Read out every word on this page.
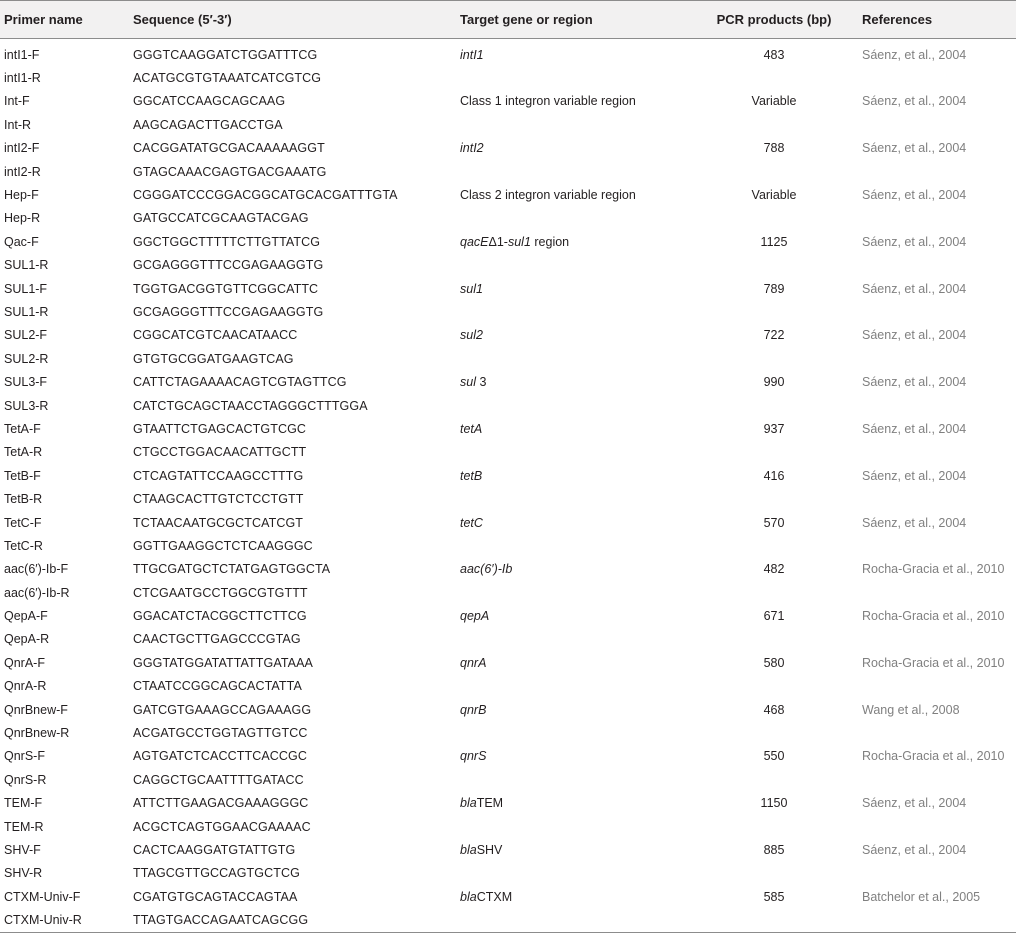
Primer name	Sequence (5′-3′)	Target gene or region	PCR products (bp)	References
intI1-F	GGGTCAAGGATCTGGATTTCG	intI1	483	Sáenz, et al., 2004
intI1-R	ACATGCGTGTAAATCATCGTCG			
Int-F	GGCATCCAAGCAGCAAG	Class 1 integron variable region	Variable	Sáenz, et al., 2004
Int-R	AAGCAGACTTGACCTGA			
intI2-F	CACGGATATGCGACAAAAAGGT	intI2	788	Sáenz, et al., 2004
intI2-R	GTAGCAAACGAGTGACGAAATG			
Hep-F	CGGGATCCCGGACGGCATGCACGATTTGTA	Class 2 integron variable region	Variable	Sáenz, et al., 2004
Hep-R	GATGCCATCGCAAGTACGAG			
Qac-F	GGCTGGCTTTTTCTTGTTATCG	qacEΔ1-sul1 region	1125	Sáenz, et al., 2004
SUL1-R	GCGAGGGTTTCCGAGAAGGTG			
SUL1-F	TGGTGACGGTGTTCGGCATTC	sul1	789	Sáenz, et al., 2004
SUL1-R	GCGAGGGTTTCCGAGAAGGTG			
SUL2-F	CGGCATCGTCAACATAACC	sul2	722	Sáenz, et al., 2004
SUL2-R	GTGTGCGGATGAAGTCAG			
SUL3-F	CATTCTAGAAAACAGTCGTAGTTCG	sul 3	990	Sáenz, et al., 2004
SUL3-R	CATCTGCAGCTAACCTAGGGCTTTGGA			
TetA-F	GTAATTCTGAGCACTGTCGC	tetA	937	Sáenz, et al., 2004
TetA-R	CTGCCTGGACAACATTGCTT			
TetB-F	CTCAGTATTCCAAGCCTTTG	tetB	416	Sáenz, et al., 2004
TetB-R	CTAAGCACTTGTCTCCTGTT			
TetC-F	TCTAACAATGCGCTCATCGT	tetC	570	Sáenz, et al., 2004
TetC-R	GGTTGAAGGCTCTCAAGGGC			
aac(6′)-Ib-F	TTGCGATGCTCTATGAGTGGCTA	aac(6′)-Ib	482	Rocha-Gracia et al., 2010
aac(6′)-Ib-R	CTCGAATGCCTGGCGTGTTT			
QepA-F	GGACATCTACGGCTTCTTCG	qepA	671	Rocha-Gracia et al., 2010
QepA-R	CAACTGCTTGAGCCCGTAG			
QnrA-F	GGGTATGGATATTATTGATAAA	qnrA	580	Rocha-Gracia et al., 2010
QnrA-R	CTAATCCGGCAGCACTATTA			
QnrBnew-F	GATCGTGAAAGCCAGAAAGG	qnrB	468	Wang et al., 2008
QnrBnew-R	ACGATGCCTGGTAGTTGTCC			
QnrS-F	AGTGATCTCACCTTCACCGC	qnrS	550	Rocha-Gracia et al., 2010
QnrS-R	CAGGCTGCAATTTTGATACC			
TEM-F	ATTCTTGAAGACGAAAGGGC	blaTEM	1150	Sáenz, et al., 2004
TEM-R	ACGCTCAGTGGAACGAAAAC			
SHV-F	CACTCAAGGATGTATTGTG	blaSHV	885	Sáenz, et al., 2004
SHV-R	TTAGCGTTGCCAGTGCTCG			
CTXM-Univ-F	CGATGTGCAGTACCAGTAA	blaCTXM	585	Batchelor et al., 2005
CTXM-Univ-R	TTAGTGACCAGAATCAGCGG			
